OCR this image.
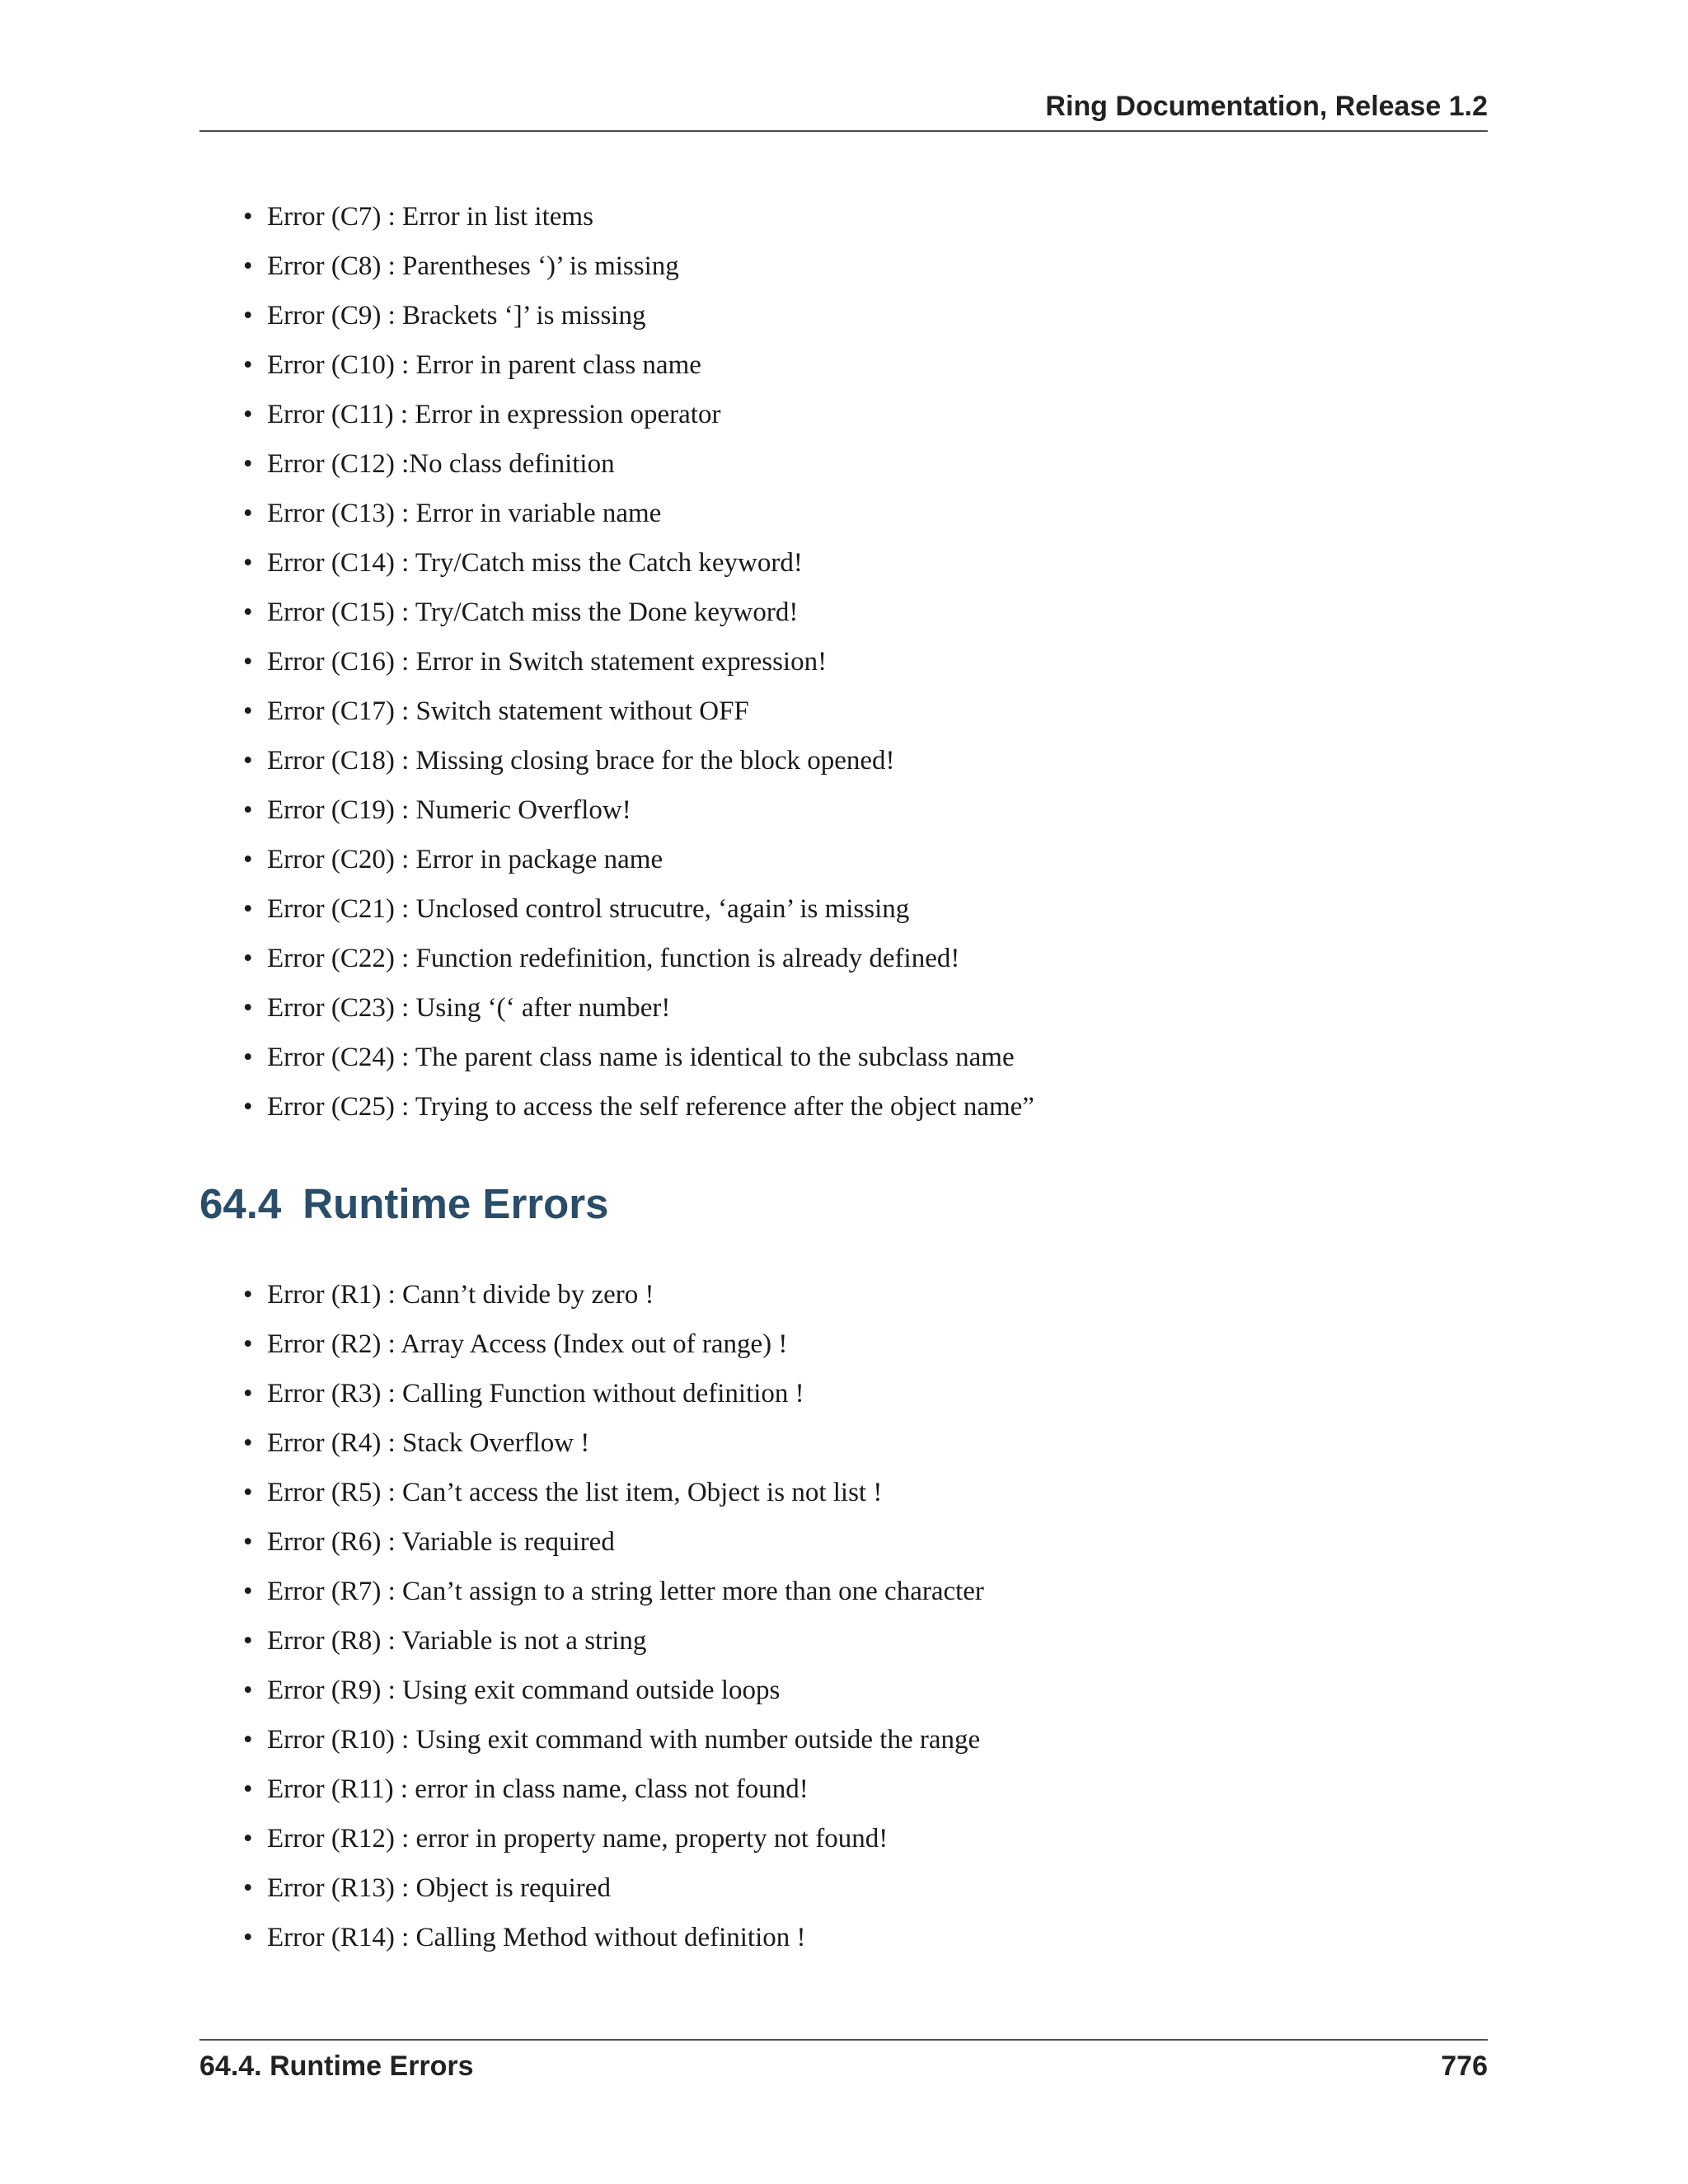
Ring Documentation, Release 1.2
• Error (C7) : Error in list items
• Error (C8) : Parentheses ‘)’ is missing
• Error (C9) : Brackets ‘]’ is missing
• Error (C10) : Error in parent class name
• Error (C11) : Error in expression operator
• Error (C12) :No class definition
• Error (C13) : Error in variable name
• Error (C14) : Try/Catch miss the Catch keyword!
• Error (C15) : Try/Catch miss the Done keyword!
• Error (C16) : Error in Switch statement expression!
• Error (C17) : Switch statement without OFF
• Error (C18) : Missing closing brace for the block opened!
• Error (C19) : Numeric Overflow!
• Error (C20) : Error in package name
• Error (C21) : Unclosed control strucutre, ‘again’ is missing
• Error (C22) : Function redefinition, function is already defined!
• Error (C23) : Using ‘(‘ after number!
• Error (C24) : The parent class name is identical to the subclass name
• Error (C25) : Trying to access the self reference after the object name”
64.4 Runtime Errors
• Error (R1) : Cann’t divide by zero !
• Error (R2) : Array Access (Index out of range) !
• Error (R3) : Calling Function without definition !
• Error (R4) : Stack Overflow !
• Error (R5) : Can’t access the list item, Object is not list !
• Error (R6) : Variable is required
• Error (R7) : Can’t assign to a string letter more than one character
• Error (R8) : Variable is not a string
• Error (R9) : Using exit command outside loops
• Error (R10) : Using exit command with number outside the range
• Error (R11) : error in class name, class not found!
• Error (R12) : error in property name, property not found!
• Error (R13) : Object is required
• Error (R14) : Calling Method without definition !
64.4. Runtime Errors	776
